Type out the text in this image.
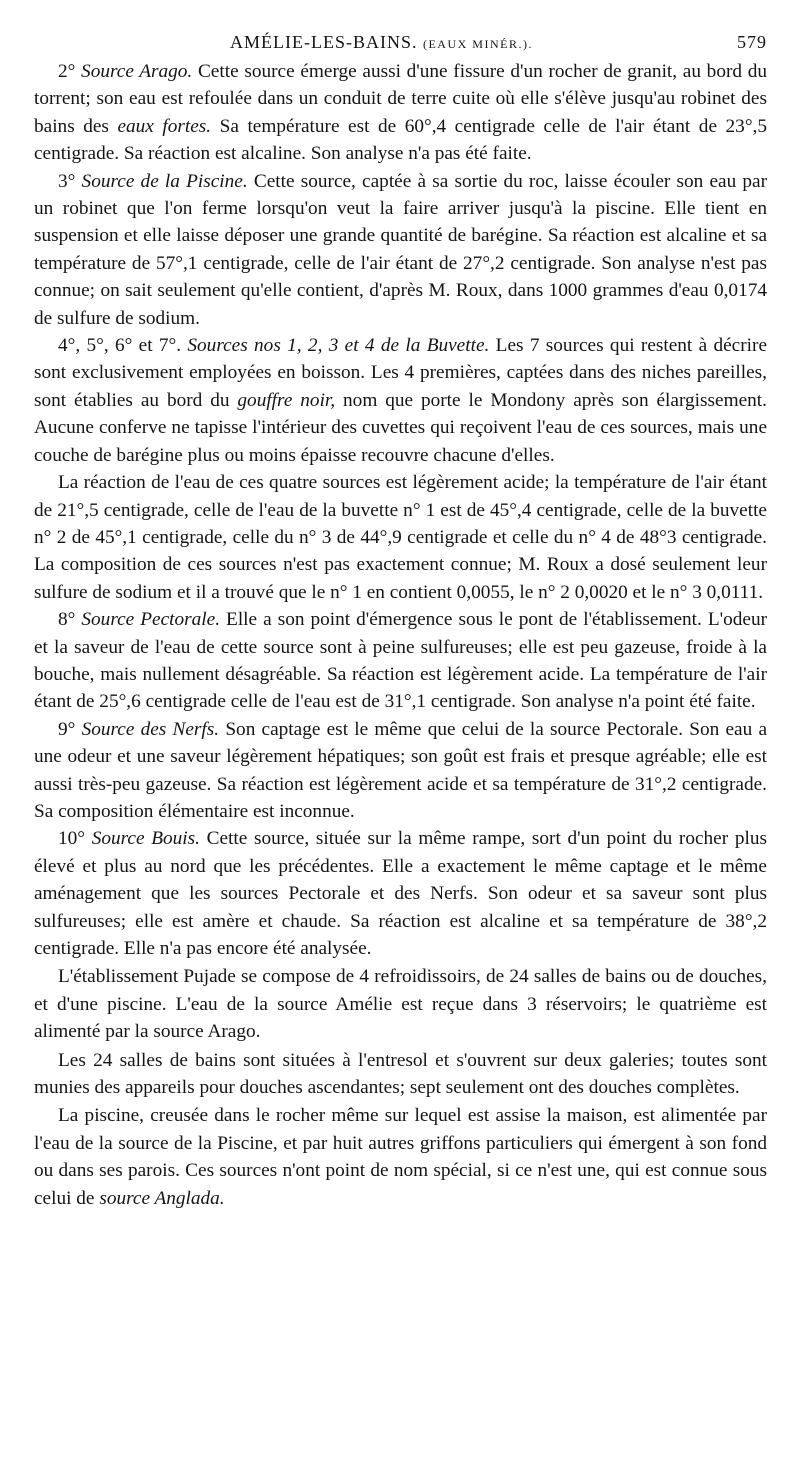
AMÉLIE-LES-BAINS. (EAUX MINÉR.).	579

2° Source Arago. Cette source émerge aussi d'une fissure d'un rocher de granit, au bord du torrent; son eau est refoulée dans un conduit de terre cuite où elle s'élève jusqu'au robinet des bains des eaux fortes. Sa température est de 60°,4 centigrade celle de l'air étant de 23°,5 centigrade. Sa réaction est alcaline. Son analyse n'a pas été faite.

3° Source de la Piscine. Cette source, captée à sa sortie du roc, laisse écouler son eau par un robinet que l'on ferme lorsqu'on veut la faire arriver jusqu'à la piscine. Elle tient en suspension et elle laisse déposer une grande quantité de barégine. Sa réaction est alcaline et sa température de 57°,1 centigrade, celle de l'air étant de 27°,2 centigrade. Son analyse n'est pas connue; on sait seulement qu'elle contient, d'après M. Roux, dans 1000 grammes d'eau 0,0174 de sulfure de sodium.

4°, 5°, 6° et 7°. Sources nos 1, 2, 3 et 4 de la Buvette. Les 7 sources qui restent à décrire sont exclusivement employées en boisson. Les 4 premières, captées dans des niches pareilles, sont établies au bord du gouffre noir, nom que porte le Mondony après son élargissement. Aucune conferve ne tapisse l'intérieur des cuvettes qui reçoivent l'eau de ces sources, mais une couche de barégine plus ou moins épaisse recouvre chacune d'elles.

La réaction de l'eau de ces quatre sources est légèrement acide; la température de l'air étant de 21°,5 centigrade, celle de l'eau de la buvette n° 1 est de 45°,4 centigrade, celle de la buvette n° 2 de 45°,1 centigrade, celle du n° 3 de 44°,9 centigrade et celle du n° 4 de 48°3 centigrade. La composition de ces sources n'est pas exactement connue; M. Roux a dosé seulement leur sulfure de sodium et il a trouvé que le n° 1 en contient 0,0055, le n° 2 0,0020 et le n° 3 0,0111.

8° Source Pectorale. Elle a son point d'émergence sous le pont de l'établissement. L'odeur et la saveur de l'eau de cette source sont à peine sulfureuses; elle est peu gazeuse, froide à la bouche, mais nullement désagréable. Sa réaction est légèrement acide. La température de l'air étant de 25°,6 centigrade celle de l'eau est de 31°,1 centigrade. Son analyse n'a point été faite.

9° Source des Nerfs. Son captage est le même que celui de la source Pectorale. Son eau a une odeur et une saveur légèrement hépatiques; son goût est frais et presque agréable; elle est aussi très-peu gazeuse. Sa réaction est légèrement acide et sa température de 31°,2 centigrade. Sa composition élémentaire est inconnue.

10° Source Bouis. Cette source, située sur la même rampe, sort d'un point du rocher plus élevé et plus au nord que les précédentes. Elle a exactement le même captage et le même aménagement que les sources Pectorale et des Nerfs. Son odeur et sa saveur sont plus sulfureuses; elle est amère et chaude. Sa réaction est alcaline et sa température de 38°,2 centigrade. Elle n'a pas encore été analysée.

L'établissement Pujade se compose de 4 refroidissoirs, de 24 salles de bains ou de douches, et d'une piscine. L'eau de la source Amélie est reçue dans 3 réservoirs; le quatrième est alimenté par la source Arago.

Les 24 salles de bains sont situées à l'entresol et s'ouvrent sur deux galeries; toutes sont munies des appareils pour douches ascendantes; sept seulement ont des douches complètes.

La piscine, creusée dans le rocher même sur lequel est assise la maison, est alimentée par l'eau de la source de la Piscine, et par huit autres griffons particuliers qui émergent à son fond ou dans ses parois. Ces sources n'ont point de nom spécial, si ce n'est une, qui est connue sous celui de source Anglada.
